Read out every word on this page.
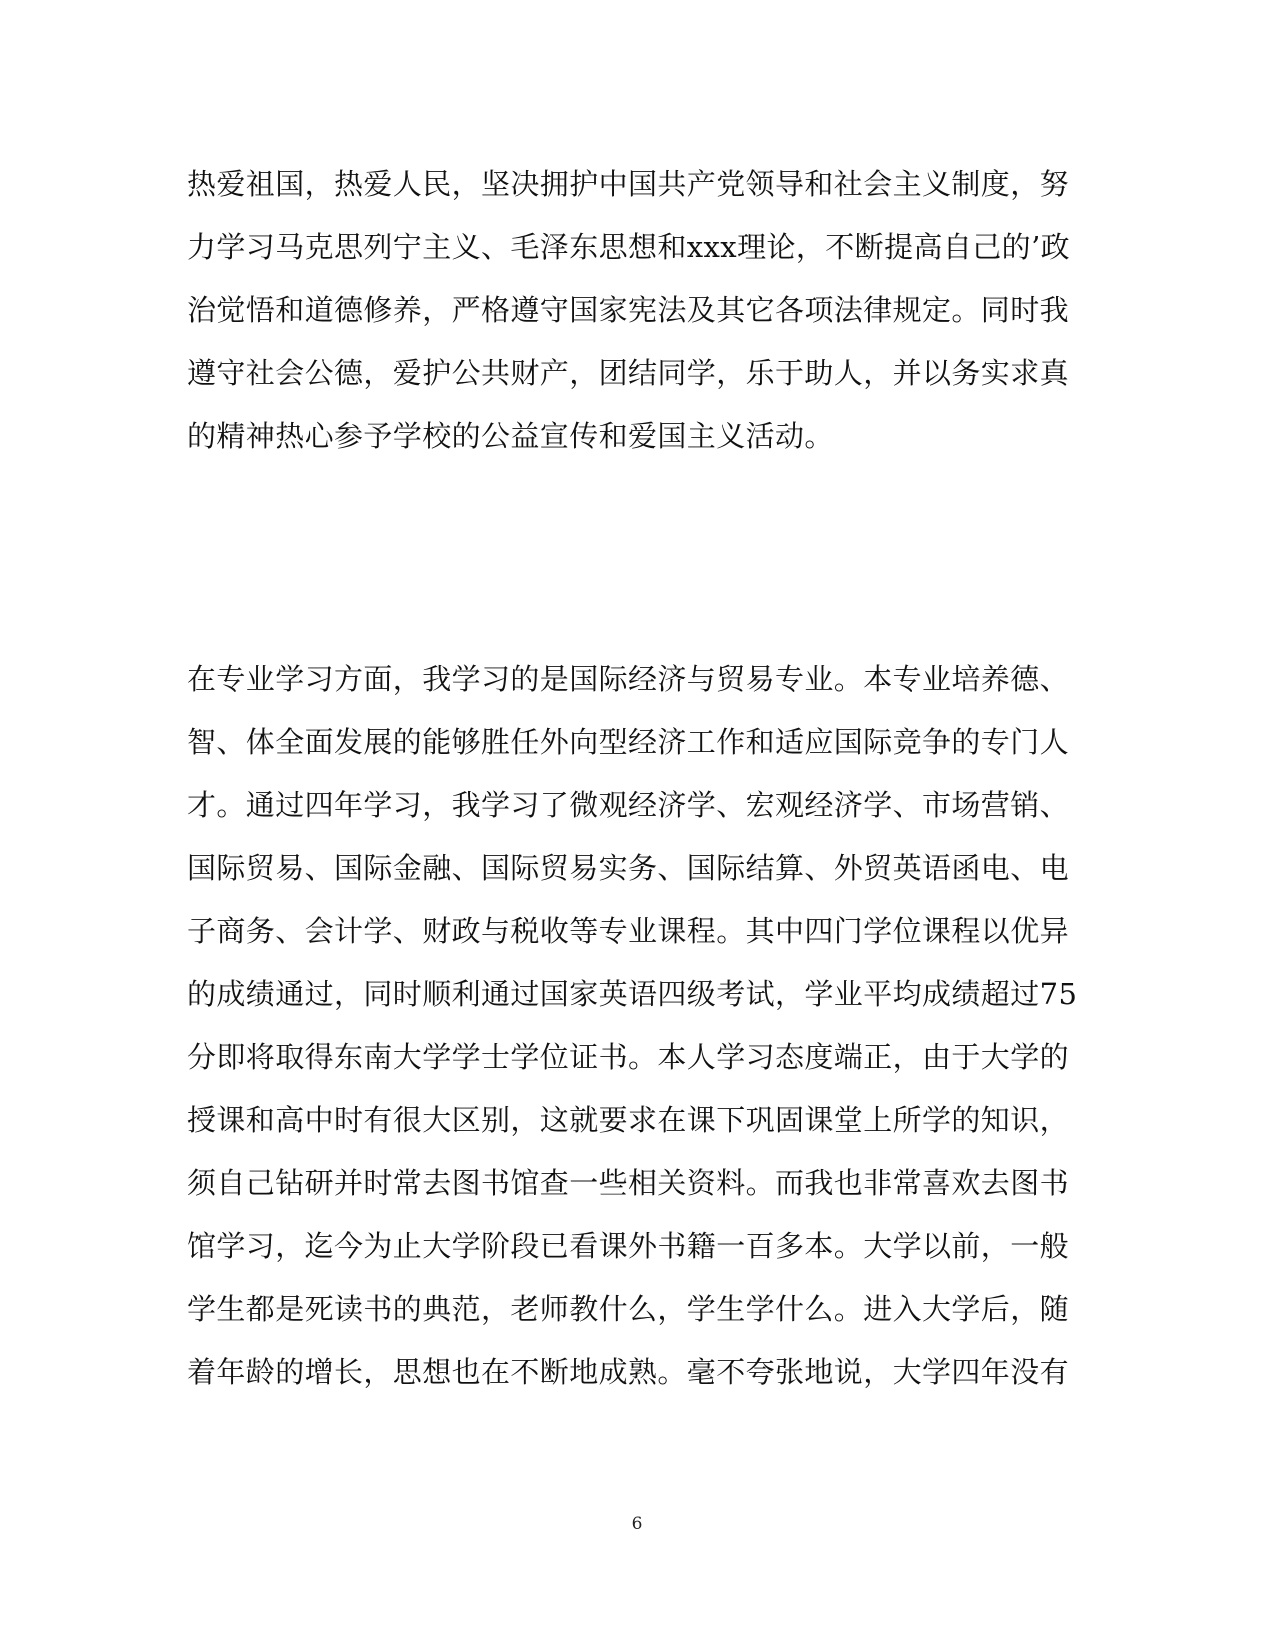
热爱祖国，热爱人民，坚决拥护中国共产党领导和社会主义制度，努
力学习马克思列宁主义、毛泽东思想和xxx理论，不断提高自己的’政
治觉悟和道德修养，严格遵守国家宪法及其它各项法律规定。同时我
遵守社会公德，爱护公共财产，团结同学，乐于助人，并以务实求真
的精神热心参予学校的公益宣传和爱国主义活动。
在专业学习方面，我学习的是国际经济与贸易专业。本专业培养德、
智、体全面发展的能够胜任外向型经济工作和适应国际竞争的专门人
才。通过四年学习，我学习了微观经济学、宏观经济学、市场营销、
国际贸易、国际金融、国际贸易实务、国际结算、外贸英语函电、电
子商务、会计学、财政与税收等专业课程。其中四门学位课程以优异
的成绩通过，同时顺利通过国家英语四级考试，学业平均成绩超过75
分即将取得东南大学学士学位证书。本人学习态度端正，由于大学的
授课和高中时有很大区别，这就要求在课下巩固课堂上所学的知识，
须自己钻研并时常去图书馆查一些相关资料。而我也非常喜欢去图书
馆学习，迄今为止大学阶段已看课外书籍一百多本。大学以前，一般
学生都是死读书的典范，老师教什么，学生学什么。进入大学后，随
着年龄的增长，思想也在不断地成熟。毫不夸张地说，大学四年没有
6
